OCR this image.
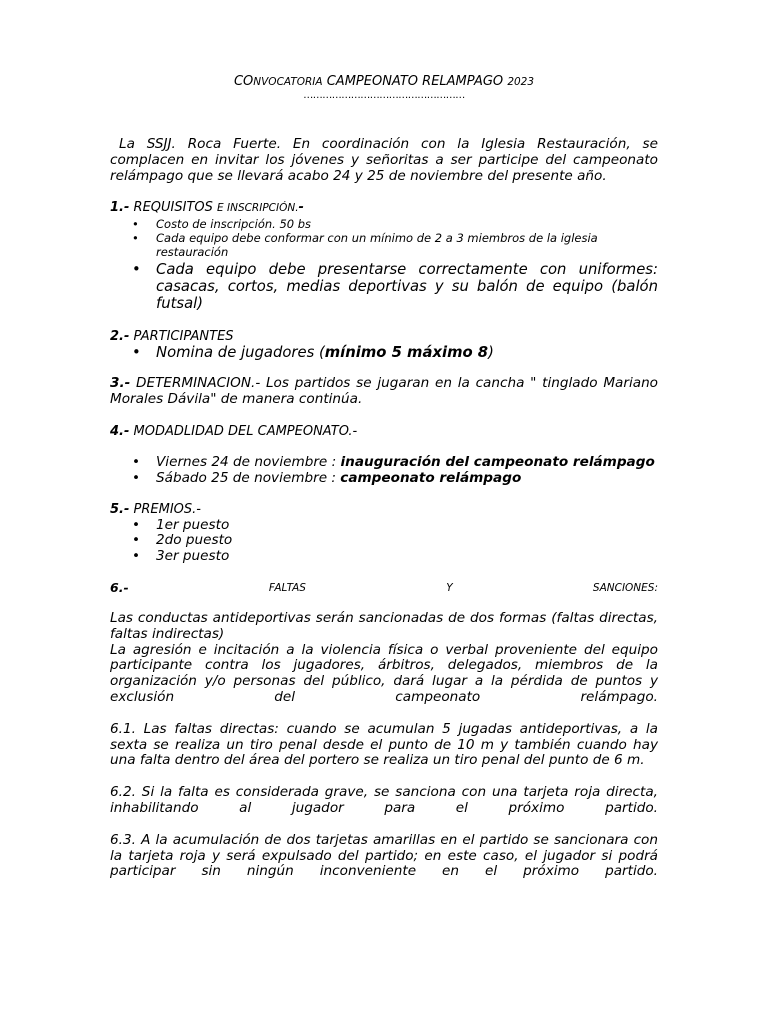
CONVOCATORIA CAMPEONATO RELAMPAGO 2023

……………………………………………

La SSJJ. Roca Fuerte. En coordinación con la Iglesia Restauración, se complacen en invitar los jóvenes y señoritas a ser participe del campeonato relámpago que se llevará acabo 24 y 25 de noviembre del presente año.

1.- REQUISITOS E INSCRIPCIÓN.-

• Costo de inscripción. 50 bs
• Cada equipo debe conformar con un mínimo de 2 a 3 miembros de la iglesia restauración
• Cada equipo debe presentarse correctamente con uniformes: casacas, cortos, medias deportivas y su balón de equipo (balón futsal)

2.- PARTICIPANTES

• Nomina de jugadores (mínimo 5 máximo 8)

3.- DETERMINACION.- Los partidos se jugaran en la cancha " tinglado Mariano Morales Dávila" de manera continúa.

4.- MODADLIDAD DEL CAMPEONATO.-

• Viernes 24 de noviembre : inauguración del campeonato relámpago
• Sábado 25 de noviembre : campeonato relámpago

5.- PREMIOS.-

• 1er puesto
• 2do puesto
• 3er puesto
6.-	FALTAS	Y	SANCIONES:

Las conductas antideportivas serán sancionadas de dos formas (faltas directas, faltas indirectas)

La agresión e incitación a la violencia física o verbal proveniente del equipo participante contra los jugadores, árbitros, delegados, miembros de la organización y/o personas del público, dará lugar a la pérdida de puntos y exclusión del campeonato relámpago.

6.1. Las faltas directas: cuando se acumulan 5 jugadas antideportivas, a la sexta se realiza un tiro penal desde el punto de 10 m y también cuando hay una falta dentro del área del portero se realiza un tiro penal del punto de 6 m.

6.2. Si la falta es considerada grave, se sanciona con una tarjeta roja directa, inhabilitando al jugador para el próximo partido.

6.3. A la acumulación de dos tarjetas amarillas en el partido se sancionara con la tarjeta roja y será expulsado del partido; en este caso, el jugador si podrá participar sin ningún inconveniente en el próximo partido.
